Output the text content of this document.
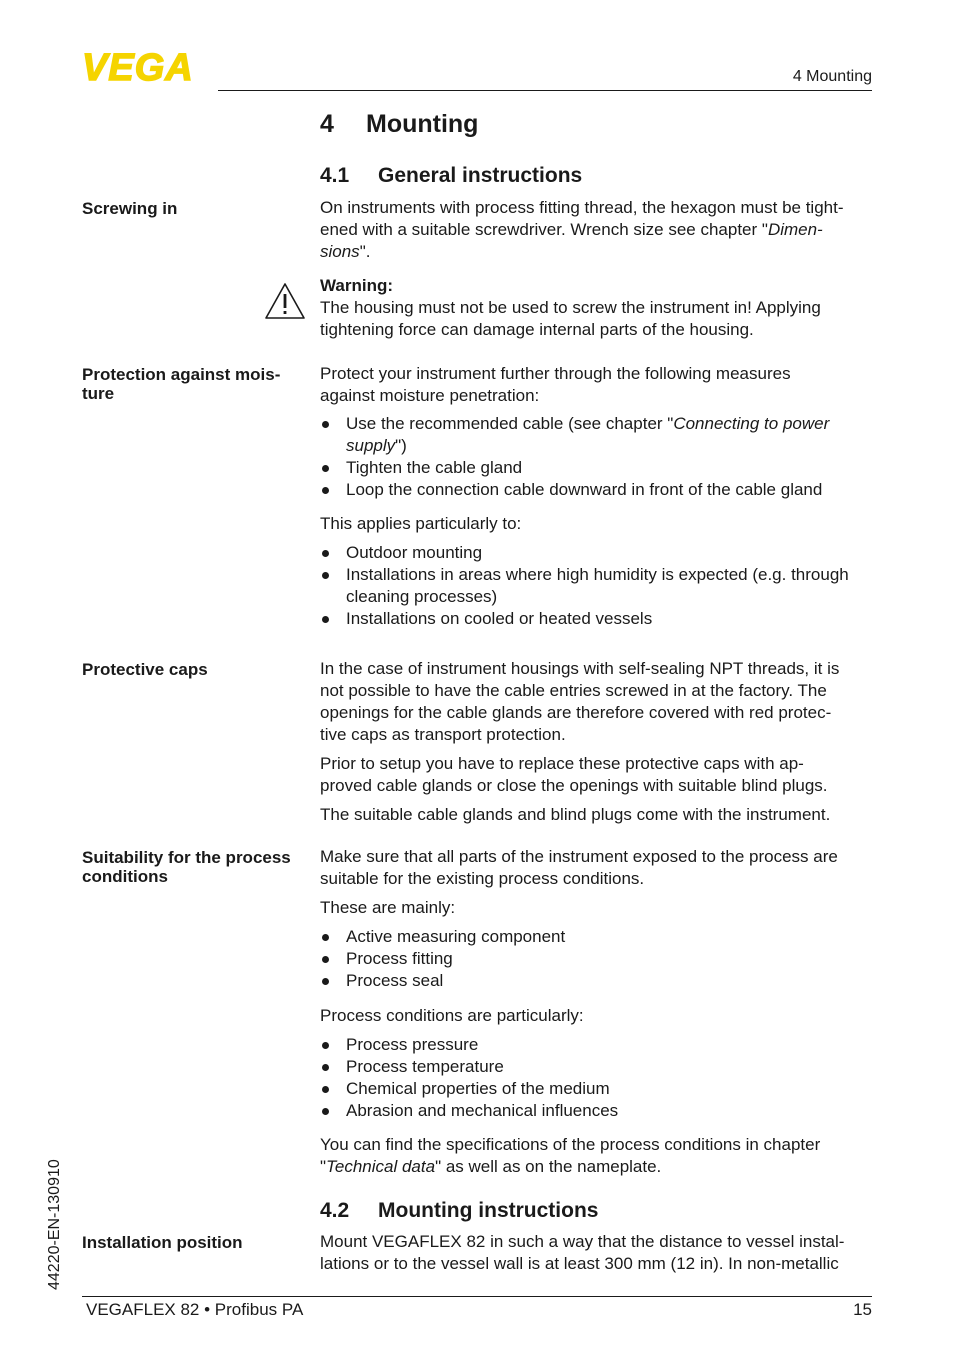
VEGA	4 Mounting
4 Mounting
4.1 General instructions
Screwing in	On instruments with process fitting thread, the hexagon must be tight-
ened with a suitable screwdriver. Wrench size see chapter "Dimen-
sions".
Warning:
The housing must not be used to screw the instrument in! Applying
tightening force can damage internal parts of the housing.
Protection against mois-
ture
Protect your instrument further through the following measures
against moisture penetration:
Use the recommended cable (see chapter "Connecting to power
supply")
Tighten the cable gland
Loop the connection cable downward in front of the cable gland
This applies particularly to:
Outdoor mounting
Installations in areas where high humidity is expected (e.g. through
cleaning processes)
Installations on cooled or heated vessels
Protective caps	In the case of instrument housings with self-sealing NPT threads, it is
not possible to have the cable entries screwed in at the factory. The
openings for the cable glands are therefore covered with red protec-
tive caps as transport protection.
Prior to setup you have to replace these protective caps with ap-
proved cable glands or close the openings with suitable blind plugs.
The suitable cable glands and blind plugs come with the instrument.
Suitability for the process
conditions
Make sure that all parts of the instrument exposed to the process are
suitable for the existing process conditions.
These are mainly:
Active measuring component
Process fitting
Process seal
Process conditions are particularly:
Process pressure
Process temperature
Chemical properties of the medium
Abrasion and mechanical influences
You can find the specifications of the process conditions in chapter
"Technical data" as well as on the nameplate.
4.2 Mounting instructions
Installation position	Mount VEGAFLEX 82 in such a way that the distance to vessel instal-
lations or to the vessel wall is at least 300 mm (12 in). In non-metallic
44220-EN-130910
VEGAFLEX 82 • Profibus PA	15
